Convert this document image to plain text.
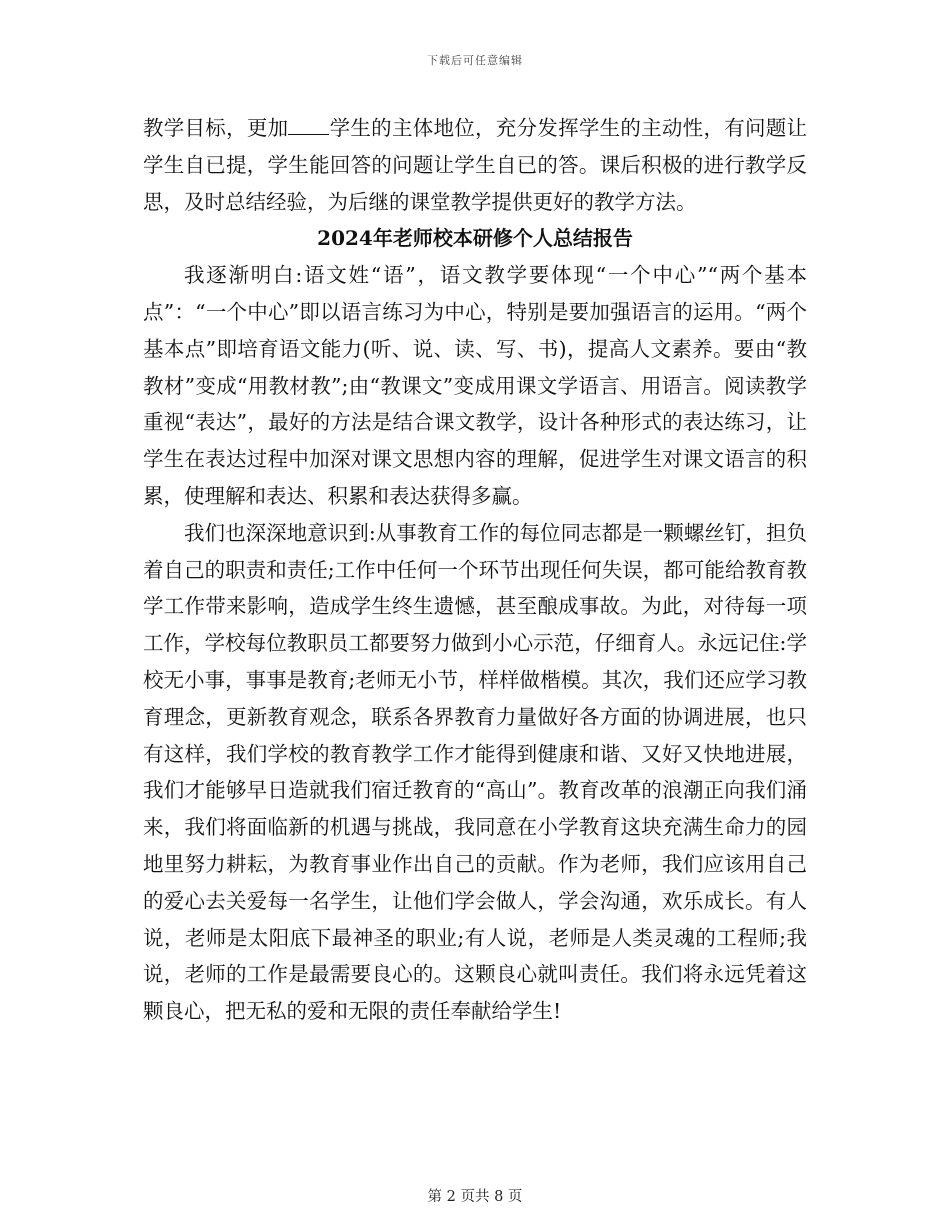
下载后可任意编辑

教学目标，更加 学生的主体地位，充分发挥学生的主动性，有问题让学生自已提，学生能回答的问题让学生自已的答。课后积极的进行教学反思，及时总结经验，为后继的课堂教学提供更好的教学方法。

2024年老师校本研修个人总结报告

我逐渐明白:语文姓“语”，语文教学要体现“一个中心”“两个基本点”：“一个中心”即以语言练习为中心，特别是要加强语言的运用。“两个基本点”即培育语文能力(听、说、读、写、书)，提高人文素养。要由“教教材”变成“用教材教”;由“教课文”变成用课文学语言、用语言。阅读教学重视“表达”，最好的方法是结合课文教学，设计各种形式的表达练习，让学生在表达过程中加深对课文思想内容的理解，促进学生对课文语言的积累，使理解和表达、积累和表达获得多赢。

我们也深深地意识到:从事教育工作的每位同志都是一颗螺丝钉，担负着自己的职责和责任;工作中任何一个环节出现任何失误，都可能给教育教学工作带来影响，造成学生终生遗憾，甚至酿成事故。为此，对待每一项工作，学校每位教职员工都要努力做到小心示范，仔细育人。永远记住:学校无小事，事事是教育;老师无小节，样样做楷模。其次，我们还应学习教育理念，更新教育观念，联系各界教育力量做好各方面的协调进展，也只有这样，我们学校的教育教学工作才能得到健康和谐、又好又快地进展，我们才能够早日造就我们宿迁教育的“高山”。教育改革的浪潮正向我们涌来，我们将面临新的机遇与挑战，我同意在小学教育这块充满生命力的园地里努力耕耘，为教育事业作出自己的贡献。作为老师，我们应该用自己的爱心去关爱每一名学生，让他们学会做人，学会沟通，欢乐成长。有人说，老师是太阳底下最神圣的职业;有人说，老师是人类灵魂的工程师;我说，老师的工作是最需要良心的。这颗良心就叫责任。我们将永远凭着这颗良心，把无私的爱和无限的责任奉献给学生!

第 2 页共 8 页
